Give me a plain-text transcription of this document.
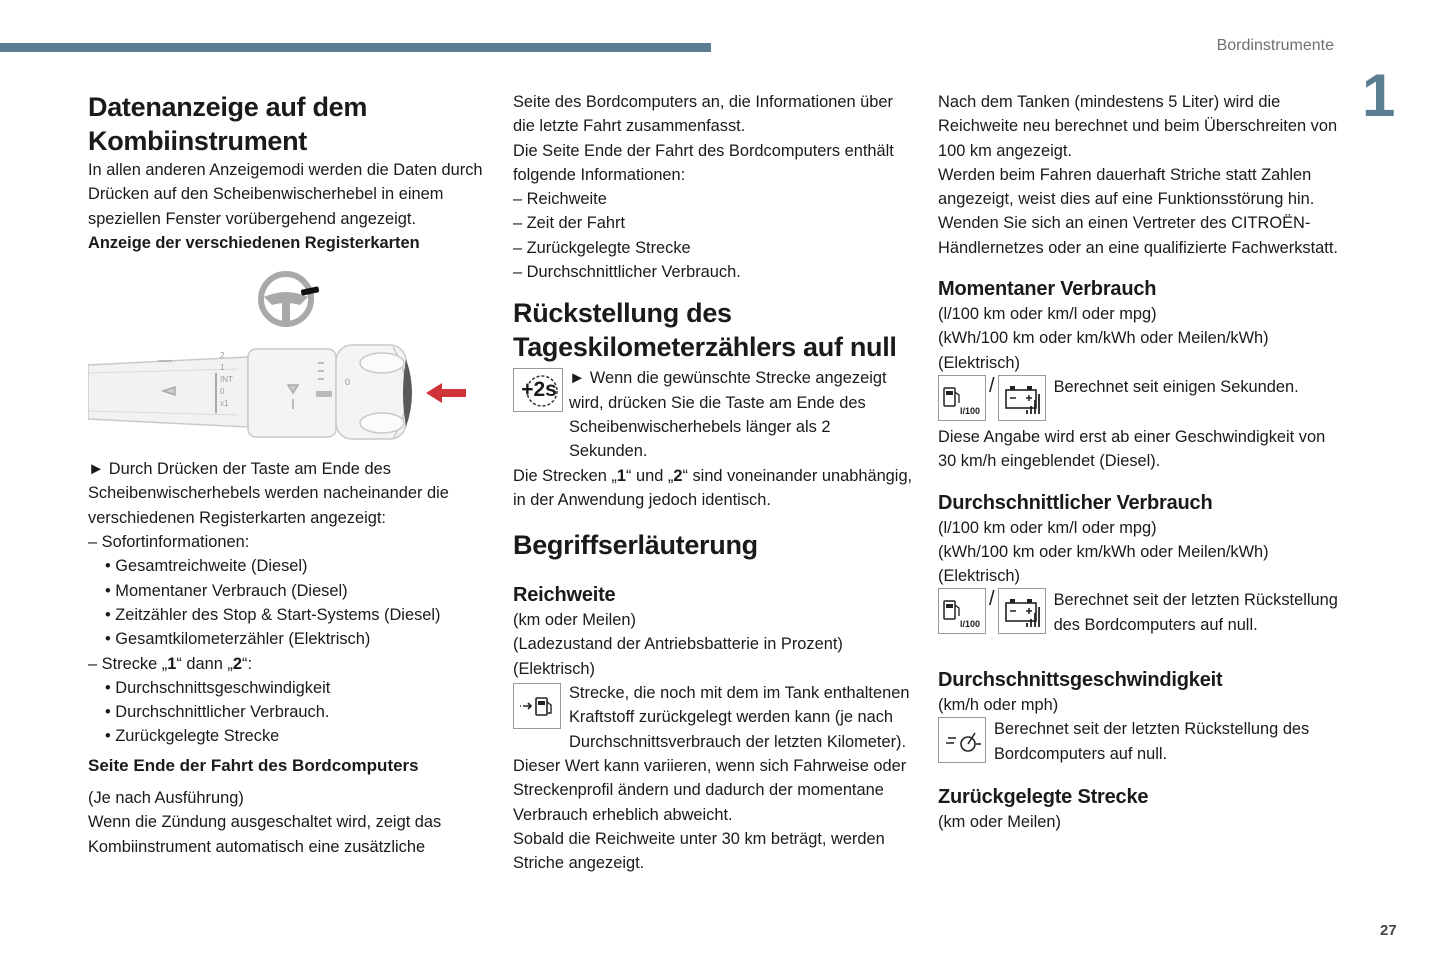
Bordinstrumente
1
27
Datenanzeige auf dem Kombiinstrument

In allen anderen Anzeigemodi werden die Daten durch Drücken auf den Scheibenwischerhebel in einem speziellen Fenster vorübergehend angezeigt.

Anzeige der verschiedenen Registerkarten

2
1
INT
0
x1
0

► Durch Drücken der Taste am Ende des Scheibenwischerhebels werden nacheinander die verschiedenen Registerkarten angezeigt:

– Sofortinformationen:

• Gesamtreichweite (Diesel)

• Momentaner Verbrauch (Diesel)

• Zeitzähler des Stop & Start-Systems (Diesel)

• Gesamtkilometerzähler (Elektrisch)

– Strecke „1“ dann „2“:

• Durchschnittsgeschwindigkeit

• Durchschnittlicher Verbrauch.

• Zurückgelegte Strecke

Seite Ende der Fahrt des Bordcomputers

(Je nach Ausführung)

Wenn die Zündung ausgeschaltet wird, zeigt das Kombiinstrument automatisch eine zusätzliche

Seite des Bordcomputers an, die Informationen über die letzte Fahrt zusammenfasst.

Die Seite Ende der Fahrt des Bordcomputers enthält folgende Informationen:

– Reichweite

– Zeit der Fahrt

– Zurückgelegte Strecke

– Durchschnittlicher Verbrauch.

Rückstellung des Tageskilometerzählers auf null
+2s ► Wenn die gewünschte Strecke angezeigt wird, drücken Sie die Taste am Ende des Scheibenwischerhebels länger als 2 Sekunden.

Die Strecken „1“ und „2“ sind voneinander unabhängig, in der Anwendung jedoch identisch.

Begriffserläuterung
Reichweite

(km oder Meilen)

(Ladezustand der Antriebsbatterie in Prozent)

(Elektrisch)

Strecke, die noch mit dem im Tank enthaltenen Kraftstoff zurückgelegt werden kann (je nach Durchschnittsverbrauch der letzten Kilometer).

Dieser Wert kann variieren, wenn sich Fahrweise oder Streckenprofil ändern und dadurch der momentane Verbrauch erheblich abweicht.

Sobald die Reichweite unter 30 km beträgt, werden Striche angezeigt.

Nach dem Tanken (mindestens 5 Liter) wird die Reichweite neu berechnet und beim Überschreiten von 100 km angezeigt.

Werden beim Fahren dauerhaft Striche statt Zahlen angezeigt, weist dies auf eine Funktionsstörung hin. Wenden Sie sich an einen Vertreter des CITROËN-Händlernetzes oder an eine qualifizierte Fachwerkstatt.

Momentaner Verbrauch

(l/100 km oder km/l oder mpg)

(kWh/100 km oder km/kWh oder Meilen/kWh)

(Elektrisch)

l/100
/	Berechnet seit einigen Sekunden.

Diese Angabe wird erst ab einer Geschwindigkeit von 30 km/h eingeblendet (Diesel).

Durchschnittlicher Verbrauch

(l/100 km oder km/l oder mpg)

(kWh/100 km oder km/kWh oder Meilen/kWh)

(Elektrisch)

l/100
/	Berechnet seit der letzten Rückstellung des Bordcomputers auf null.
Durchschnittsgeschwindigkeit

(km/h oder mph)

Berechnet seit der letzten Rückstellung des Bordcomputers auf null.
Zurückgelegte Strecke

(km oder Meilen)
